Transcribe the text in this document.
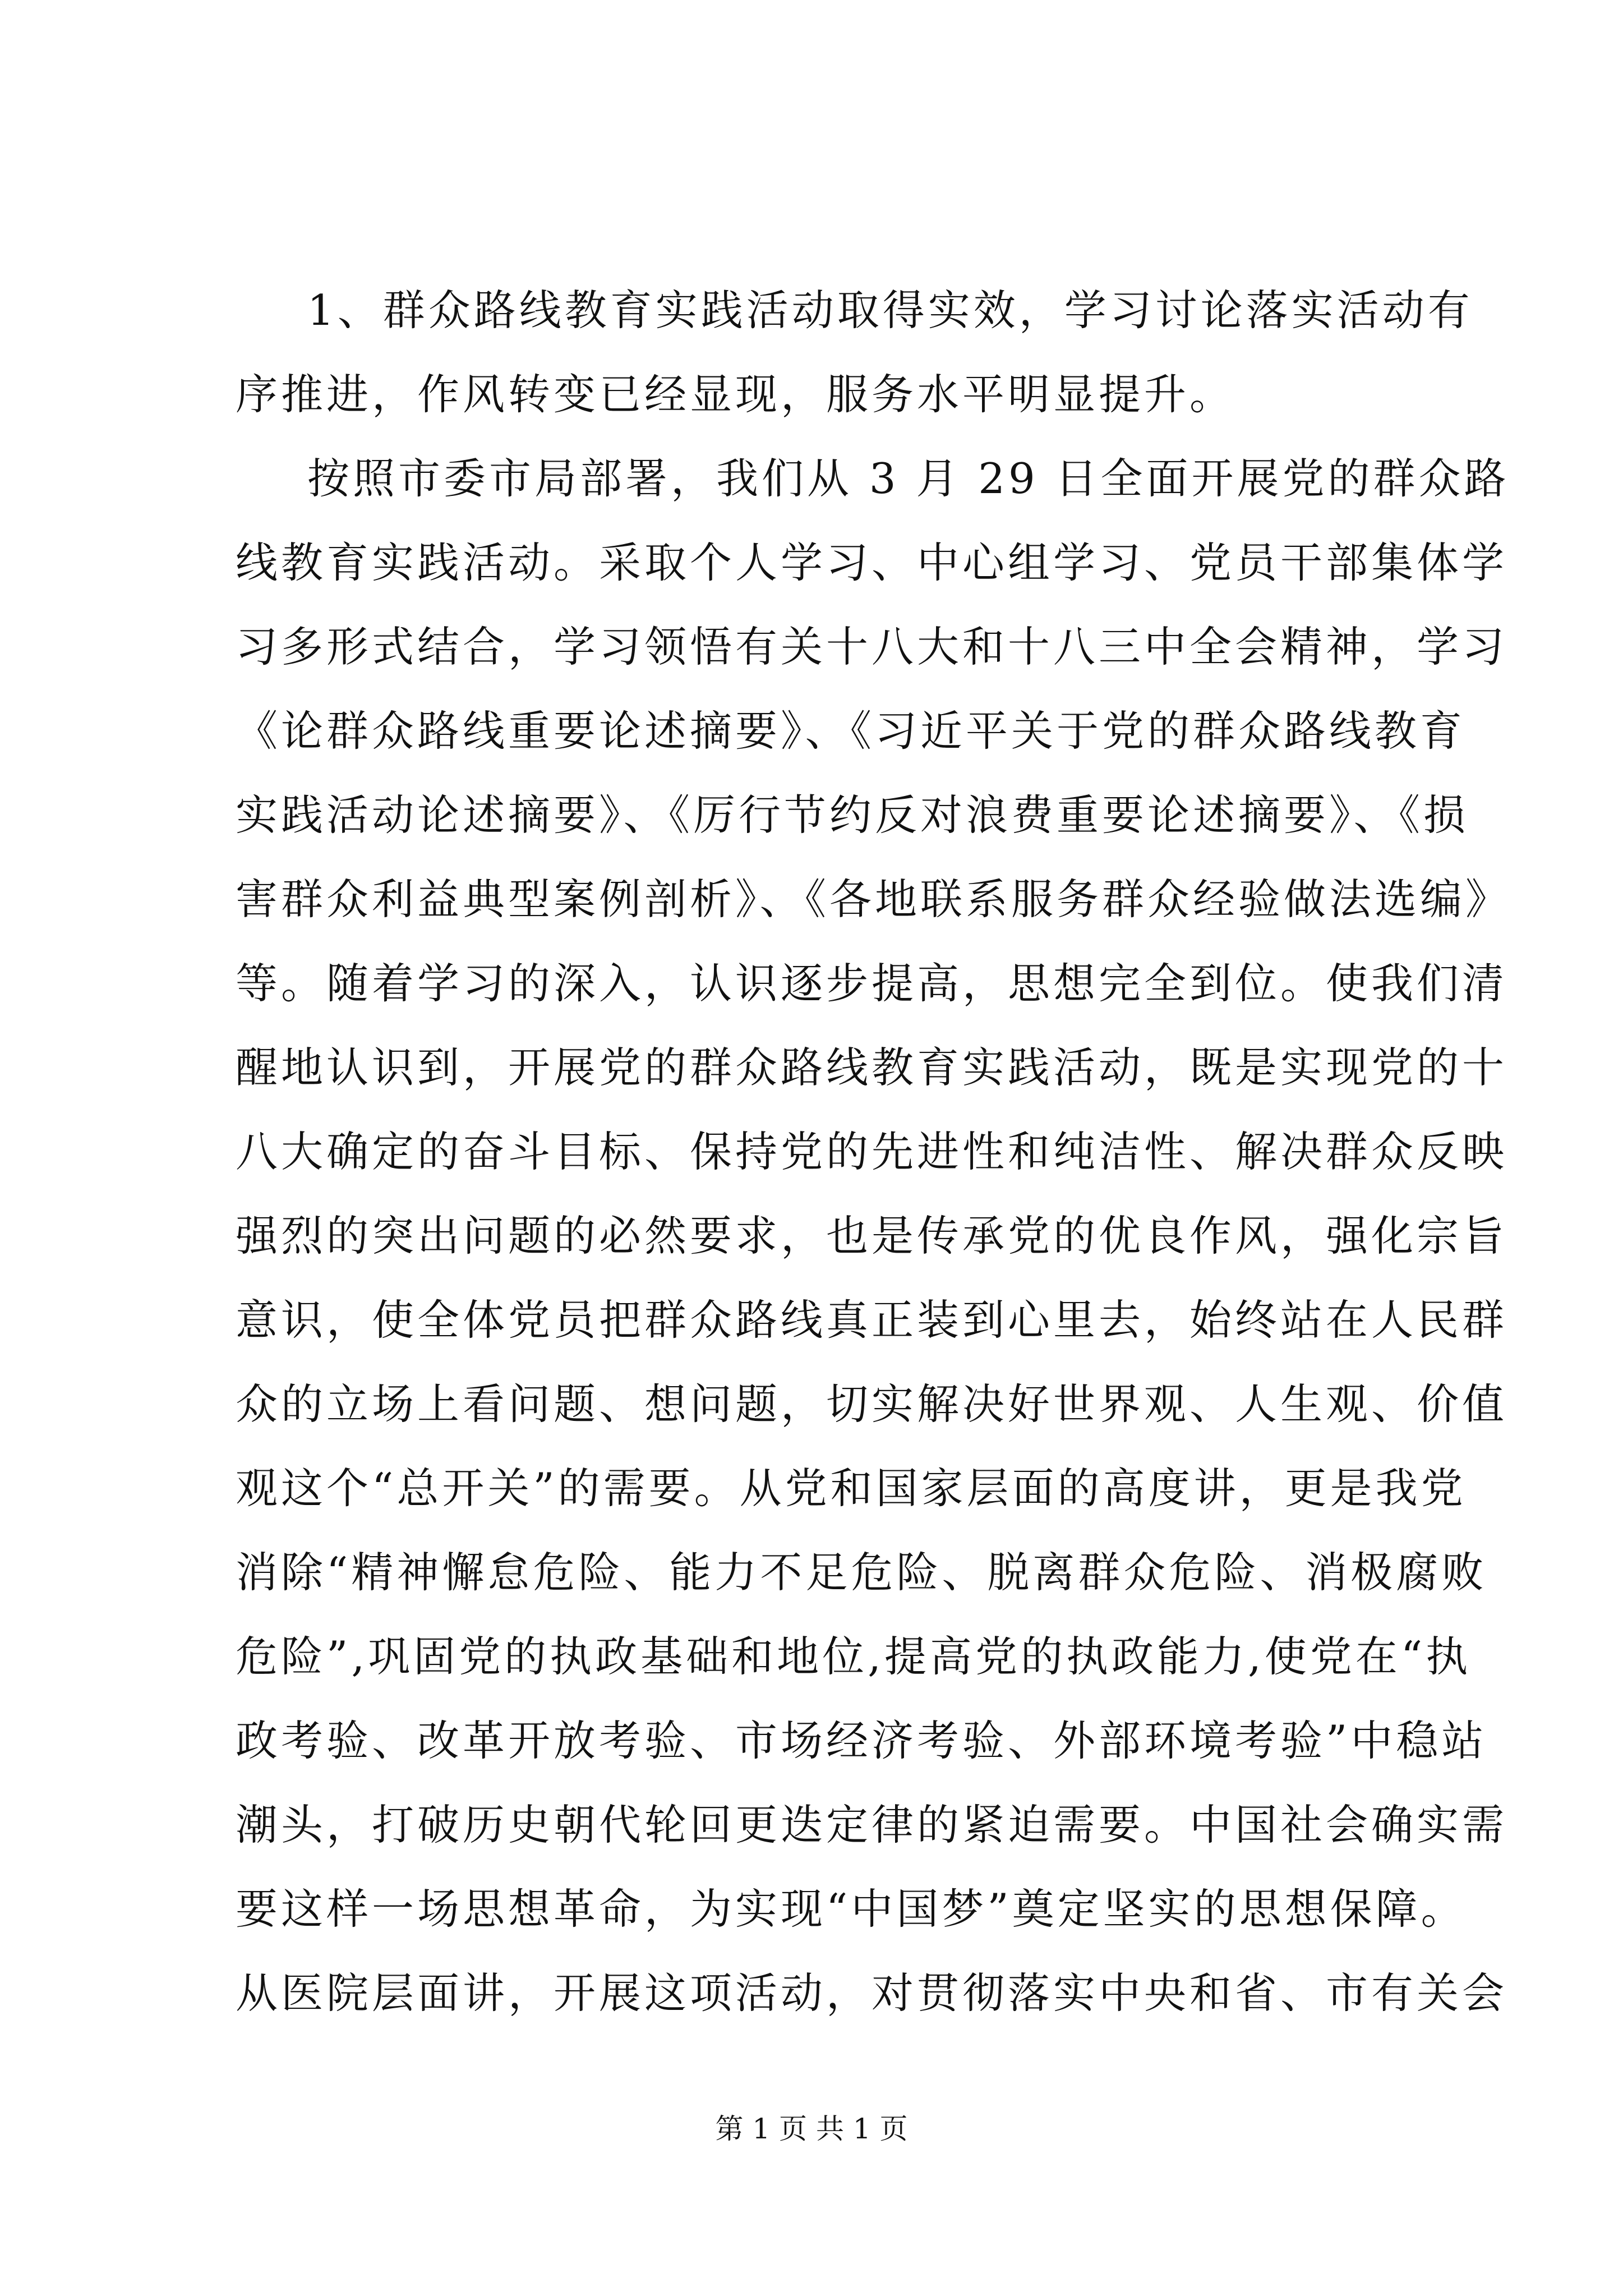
1、群众路线教育实践活动取得实效，学习讨论落实活动有
序推进，作风转变已经显现，服务水平明显提升。
按照市委市局部署，我们从 3 月 29 日全面开展党的群众路
线教育实践活动。采取个人学习、中心组学习、党员干部集体学
习多形式结合，学习领悟有关十八大和十八三中全会精神，学习
《论群众路线重要论述摘要》、《习近平关于党的群众路线教育
实践活动论述摘要》、《厉行节约反对浪费重要论述摘要》、《损
害群众利益典型案例剖析》、《各地联系服务群众经验做法选编》
等。随着学习的深入，认识逐步提高，思想完全到位。使我们清
醒地认识到，开展党的群众路线教育实践活动，既是实现党的十
八大确定的奋斗目标、保持党的先进性和纯洁性、解决群众反映
强烈的突出问题的必然要求，也是传承党的优良作风，强化宗旨
意识，使全体党员把群众路线真正装到心里去，始终站在人民群
众的立场上看问题、想问题，切实解决好世界观、人生观、价值
观这个“总开关”的需要。从党和国家层面的高度讲，更是我党
消除“精神懈怠危险、能力不足危险、脱离群众危险、消极腐败
危险”,巩固党的执政基础和地位,提高党的执政能力,使党在“执
政考验、改革开放考验、市场经济考验、外部环境考验”中稳站
潮头，打破历史朝代轮回更迭定律的紧迫需要。中国社会确实需
要这样一场思想革命，为实现“中国梦”奠定坚实的思想保障。
从医院层面讲，开展这项活动，对贯彻落实中央和省、市有关会
第 1 页 共 1 页
